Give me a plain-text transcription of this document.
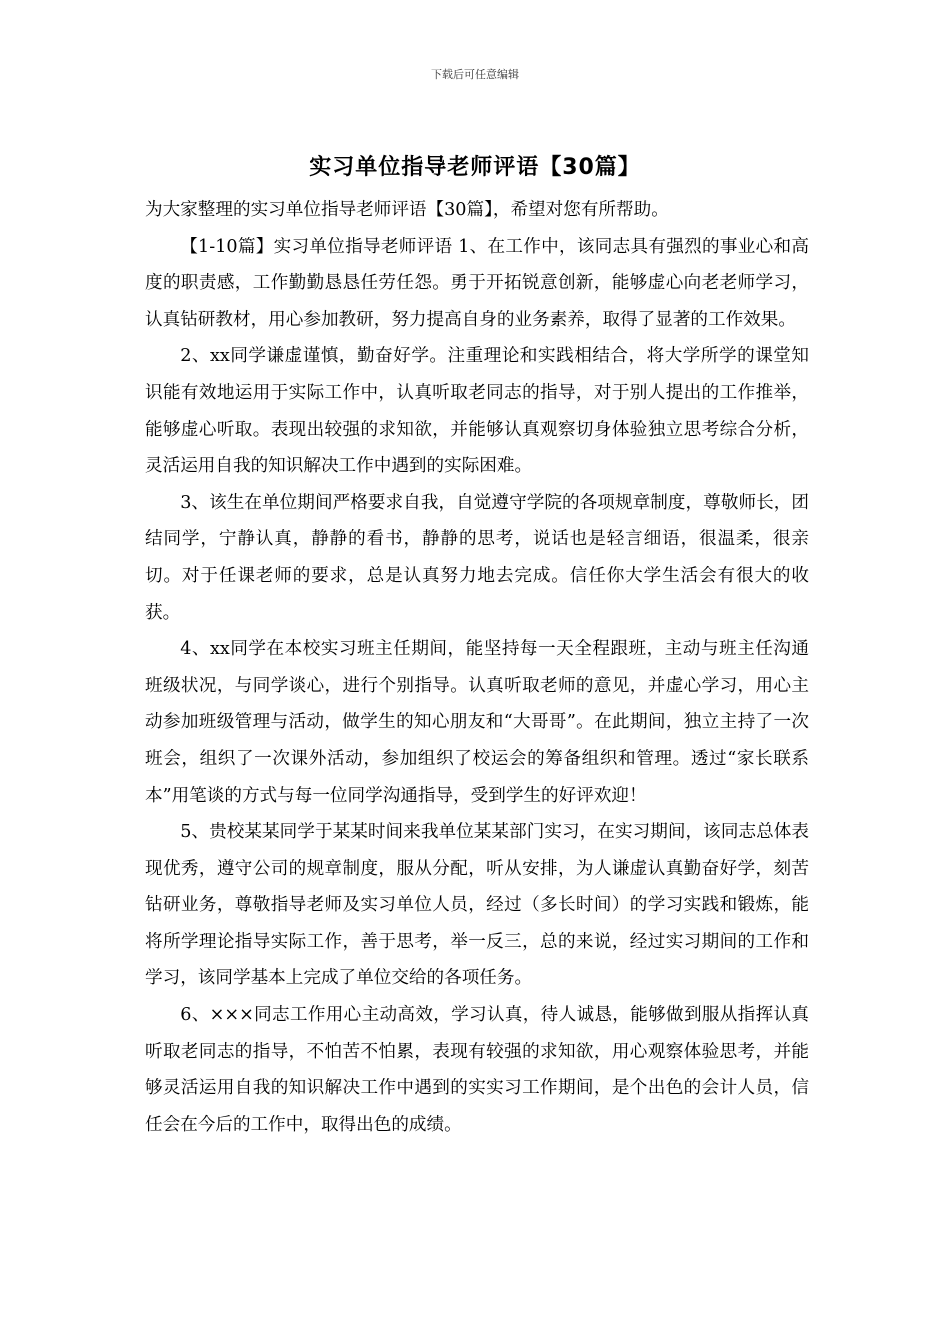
下载后可任意编辑
实习单位指导老师评语【30篇】

为大家整理的实习单位指导老师评语【30篇】，希望对您有所帮助。

【1-10篇】实习单位指导老师评语 1、在工作中，该同志具有强烈的事业心和高度的职责感，工作勤勤恳恳任劳任怨。勇于开拓锐意创新，能够虚心向老老师学习，认真钻研教材，用心参加教研，努力提高自身的业务素养，取得了显著的工作效果。

2、xx同学谦虚谨慎，勤奋好学。注重理论和实践相结合，将大学所学的课堂知识能有效地运用于实际工作中，认真听取老同志的指导，对于别人提出的工作推举，能够虚心听取。表现出较强的求知欲，并能够认真观察切身体验独立思考综合分析，灵活运用自我的知识解决工作中遇到的实际困难。

3、该生在单位期间严格要求自我，自觉遵守学院的各项规章制度，尊敬师长，团结同学，宁静认真，静静的看书，静静的思考，说话也是轻言细语，很温柔，很亲切。对于任课老师的要求，总是认真努力地去完成。信任你大学生活会有很大的收获。

4、xx同学在本校实习班主任期间，能坚持每一天全程跟班，主动与班主任沟通班级状况，与同学谈心，进行个别指导。认真听取老师的意见，并虚心学习，用心主动参加班级管理与活动，做学生的知心朋友和“大哥哥”。在此期间，独立主持了一次班会，组织了一次课外活动，参加组织了校运会的筹备组织和管理。透过“家长联系本”用笔谈的方式与每一位同学沟通指导，受到学生的好评欢迎！

5、贵校某某同学于某某时间来我单位某某部门实习，在实习期间，该同志总体表现优秀，遵守公司的规章制度，服从分配，听从安排，为人谦虚认真勤奋好学，刻苦钻研业务，尊敬指导老师及实习单位人员，经过（多长时间）的学习实践和锻炼，能将所学理论指导实际工作，善于思考，举一反三，总的来说，经过实习期间的工作和学习，该同学基本上完成了单位交给的各项任务。

6、×××同志工作用心主动高效，学习认真，待人诚恳，能够做到服从指挥认真听取老同志的指导，不怕苦不怕累，表现有较强的求知欲，用心观察体验思考，并能够灵活运用自我的知识解决工作中遇到的实实习工作期间，是个出色的会计人员，信任会在今后的工作中，取得出色的成绩。
